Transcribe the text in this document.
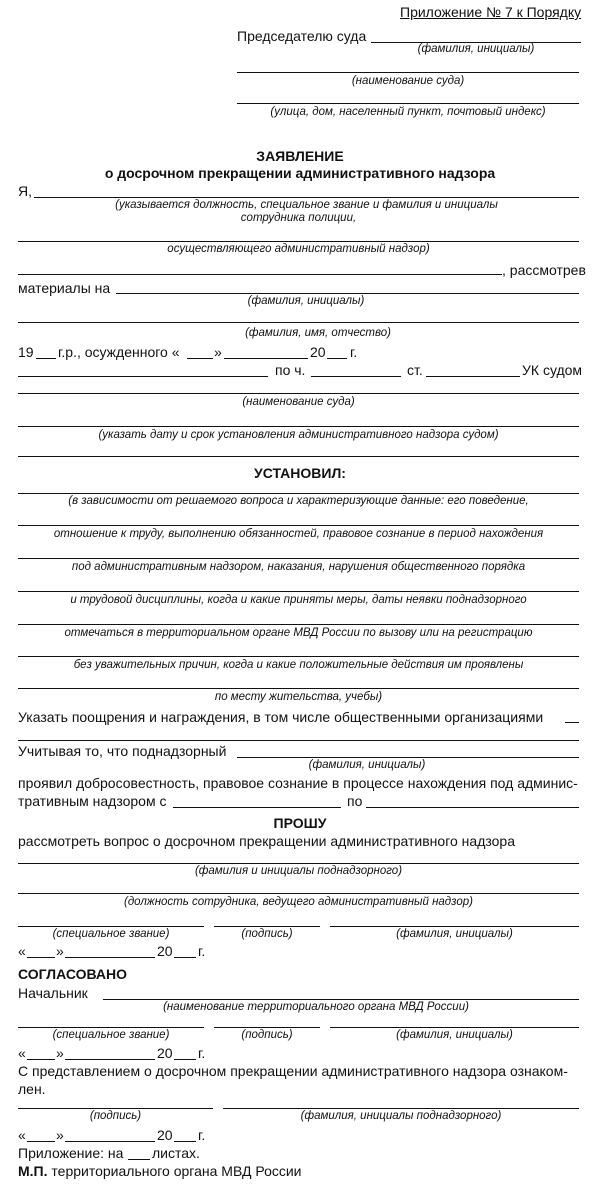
Приложение № 7 к Порядку
Председателю суда
(фамилия, инициалы)
(наименование суда)
(улица, дом, населенный пункт, почтовый индекс)
ЗАЯВЛЕНИЕ
о досрочном прекращении административного надзора
Я,
(указывается должность, специальное звание и фамилия и инициалы
сотрудника полиции,
осуществляющего административный надзор)
, рассмотрев
материалы на
(фамилия, инициалы)
(фамилия, имя, отчество)
19 г.р., осужденного « »	20 г.
по ч.	ст.	УК судом
(наименование суда)
(указать дату и срок установления административного надзора судом)
УСТАНОВИЛ:
(в зависимости от решаемого вопроса и характеризующие данные: его поведение,
отношение к труду, выполнению обязанностей, правовое сознание в период нахождения
под административным надзором, наказания, нарушения общественного порядка
и трудовой дисциплины, когда и какие приняты меры, даты неявки поднадзорного
отмечаться в территориальном органе МВД России по вызову или на регистрацию
без уважительных причин, когда и какие положительные действия им проявлены
по месту жительства, учебы)
Указать поощрения и награждения, в том числе общественными организациями
Учитывая то, что поднадзорный
(фамилия, инициалы)
проявил добросовестность, правовое сознание в процессе нахождения под админис-
тративным надзором с	по
ПРОШУ
рассмотреть вопрос о досрочном прекращении административного надзора
(фамилия и инициалы поднадзорного)
(должность сотрудника, ведущего административный надзор)
(специальное звание)	(подпись)	(фамилия, инициалы)
« »	20 г.
СОГЛАСОВАНО
Начальник
(наименование территориального органа МВД России)
(специальное звание)	(подпись)	(фамилия, инициалы)
« »	20 г.
С представлением о досрочном прекращении административного надзора ознаком-
лен.
(подпись)	(фамилия, инициалы поднадзорного)
« »	20 г.
Приложение: на листах.
М.П. территориального органа МВД России
